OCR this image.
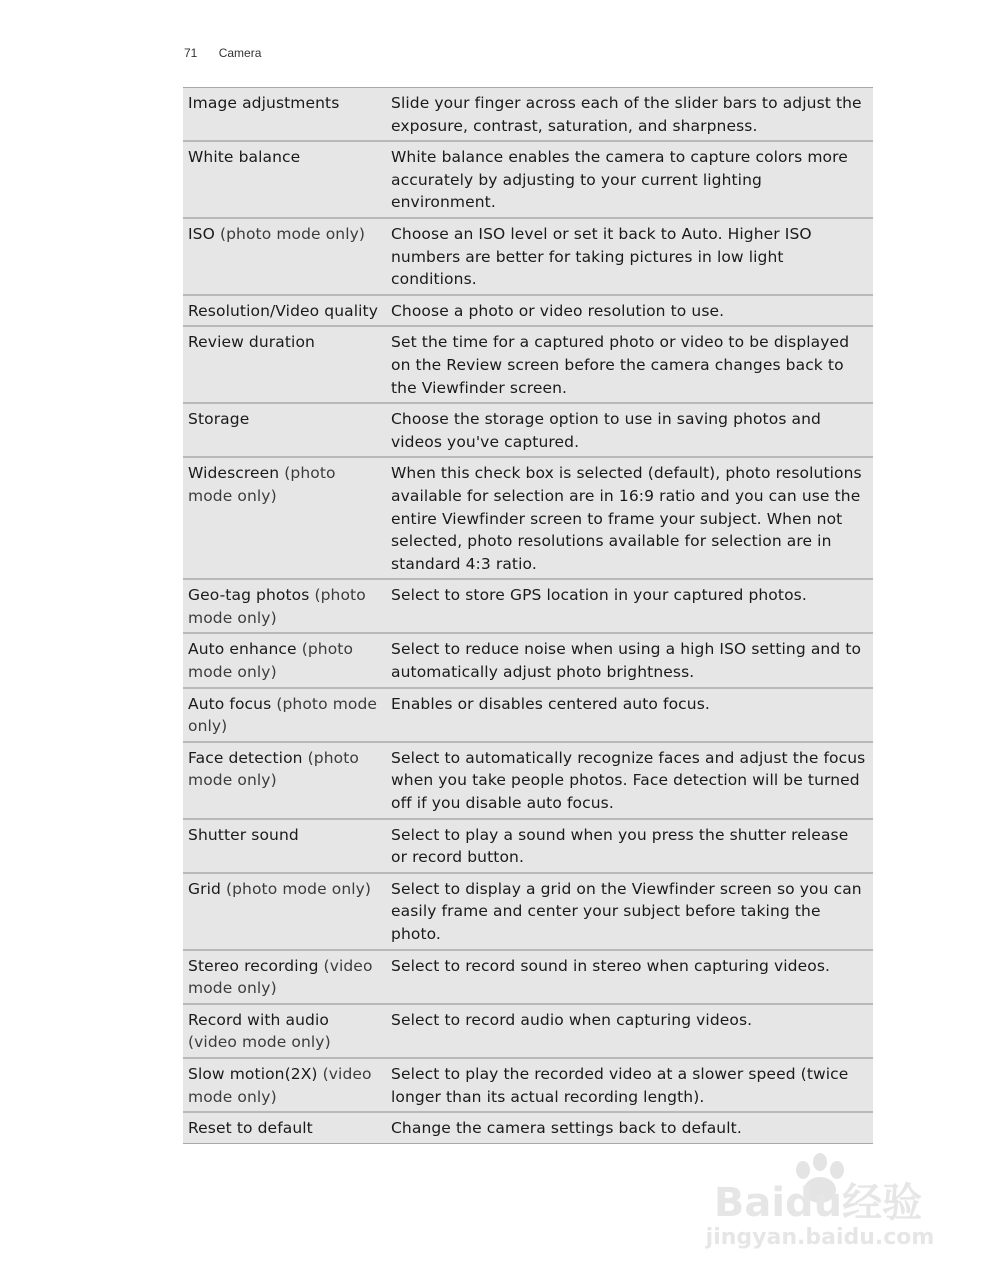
71 Camera
Image adjustments	Slide your finger across each of the slider bars to adjust the exposure, contrast, saturation, and sharpness.
White balance	White balance enables the camera to capture colors more accurately by adjusting to your current lighting environment.
ISO (photo mode only)	Choose an ISO level or set it back to Auto. Higher ISO numbers are better for taking pictures in low light conditions.
Resolution/Video quality	Choose a photo or video resolution to use.
Review duration	Set the time for a captured photo or video to be displayed on the Review screen before the camera changes back to the Viewfinder screen.
Storage	Choose the storage option to use in saving photos and videos you've captured.
Widescreen (photo mode only)	When this check box is selected (default), photo resolutions available for selection are in 16:9 ratio and you can use the entire Viewfinder screen to frame your subject. When not selected, photo resolutions available for selection are in standard 4:3 ratio.
Geo-tag photos (photo mode only)	Select to store GPS location in your captured photos.
Auto enhance (photo mode only)	Select to reduce noise when using a high ISO setting and to automatically adjust photo brightness.
Auto focus (photo mode only)	Enables or disables centered auto focus.
Face detection (photo mode only)	Select to automatically recognize faces and adjust the focus when you take people photos. Face detection will be turned off if you disable auto focus.
Shutter sound	Select to play a sound when you press the shutter release or record button.
Grid (photo mode only)	Select to display a grid on the Viewfinder screen so you can easily frame and center your subject before taking the photo.
Stereo recording (video mode only)	Select to record sound in stereo when capturing videos.
Record with audio (video mode only)	Select to record audio when capturing videos.
Slow motion(2X) (video mode only)	Select to play the recorded video at a slower speed (twice longer than its actual recording length).
Reset to default	Change the camera settings back to default.
Baidu经验
jingyan.baidu.com
